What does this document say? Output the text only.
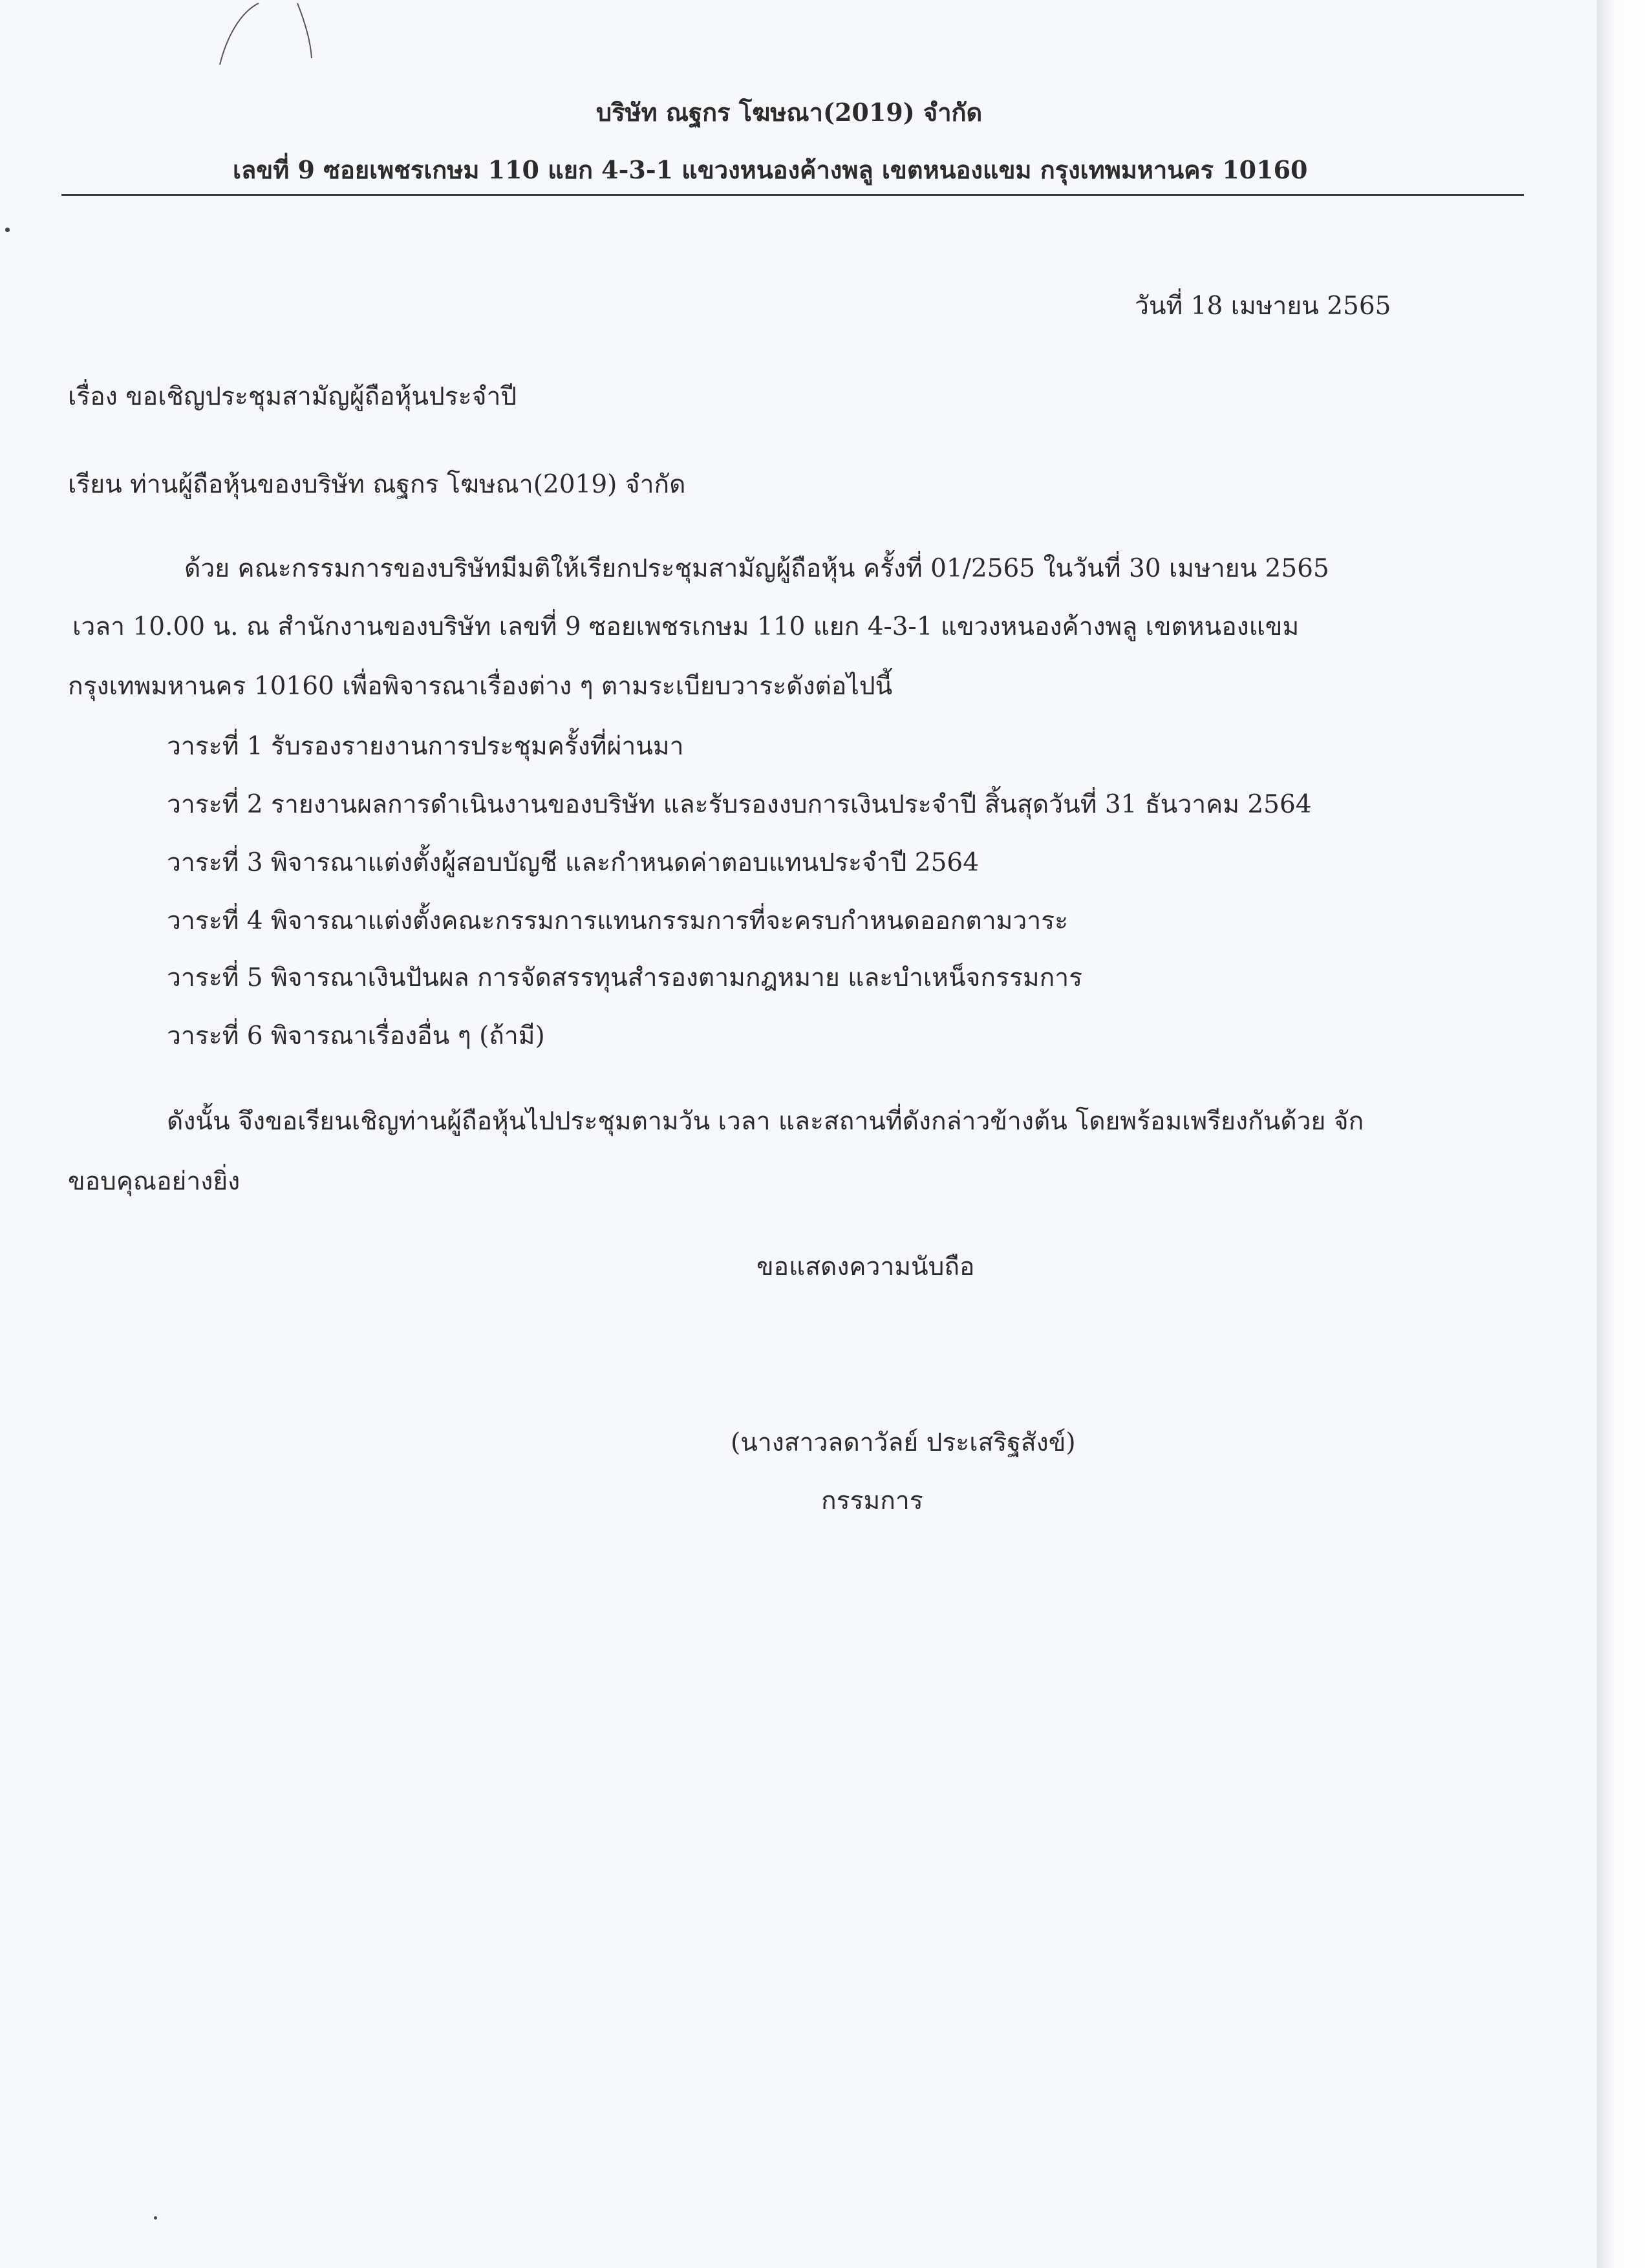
บริษัท ณฐกร โฆษณา(2019) จำกัด
เลขที่ 9 ซอยเพชรเกษม 110 แยก 4-3-1 แขวงหนองค้างพลู เขตหนองแขม กรุงเทพมหานคร 10160
วันที่ 18 เมษายน 2565
เรื่อง ขอเชิญประชุมสามัญผู้ถือหุ้นประจำปี
เรียน ท่านผู้ถือหุ้นของบริษัท ณฐกร โฆษณา(2019) จำกัด
ด้วย คณะกรรมการของบริษัทมีมติให้เรียกประชุมสามัญผู้ถือหุ้น ครั้งที่ 01/2565 ในวันที่ 30 เมษายน 2565
เวลา 10.00 น. ณ สำนักงานของบริษัท เลขที่ 9 ซอยเพชรเกษม 110 แยก 4-3-1 แขวงหนองค้างพลู เขตหนองแขม
กรุงเทพมหานคร 10160 เพื่อพิจารณาเรื่องต่าง ๆ ตามระเบียบวาระดังต่อไปนี้
วาระที่ 1 รับรองรายงานการประชุมครั้งที่ผ่านมา
วาระที่ 2 รายงานผลการดำเนินงานของบริษัท และรับรองงบการเงินประจำปี สิ้นสุดวันที่ 31 ธันวาคม 2564
วาระที่ 3 พิจารณาแต่งตั้งผู้สอบบัญชี และกำหนดค่าตอบแทนประจำปี 2564
วาระที่ 4 พิจารณาแต่งตั้งคณะกรรมการแทนกรรมการที่จะครบกำหนดออกตามวาระ
วาระที่ 5 พิจารณาเงินปันผล การจัดสรรทุนสำรองตามกฎหมาย และบำเหน็จกรรมการ
วาระที่ 6 พิจารณาเรื่องอื่น ๆ (ถ้ามี)
ดังนั้น จึงขอเรียนเชิญท่านผู้ถือหุ้นไปประชุมตามวัน เวลา และสถานที่ดังกล่าวข้างต้น โดยพร้อมเพรียงกันด้วย จัก
ขอบคุณอย่างยิ่ง
ขอแสดงความนับถือ
(นางสาวลดาวัลย์ ประเสริฐสังข์)
กรรมการ
